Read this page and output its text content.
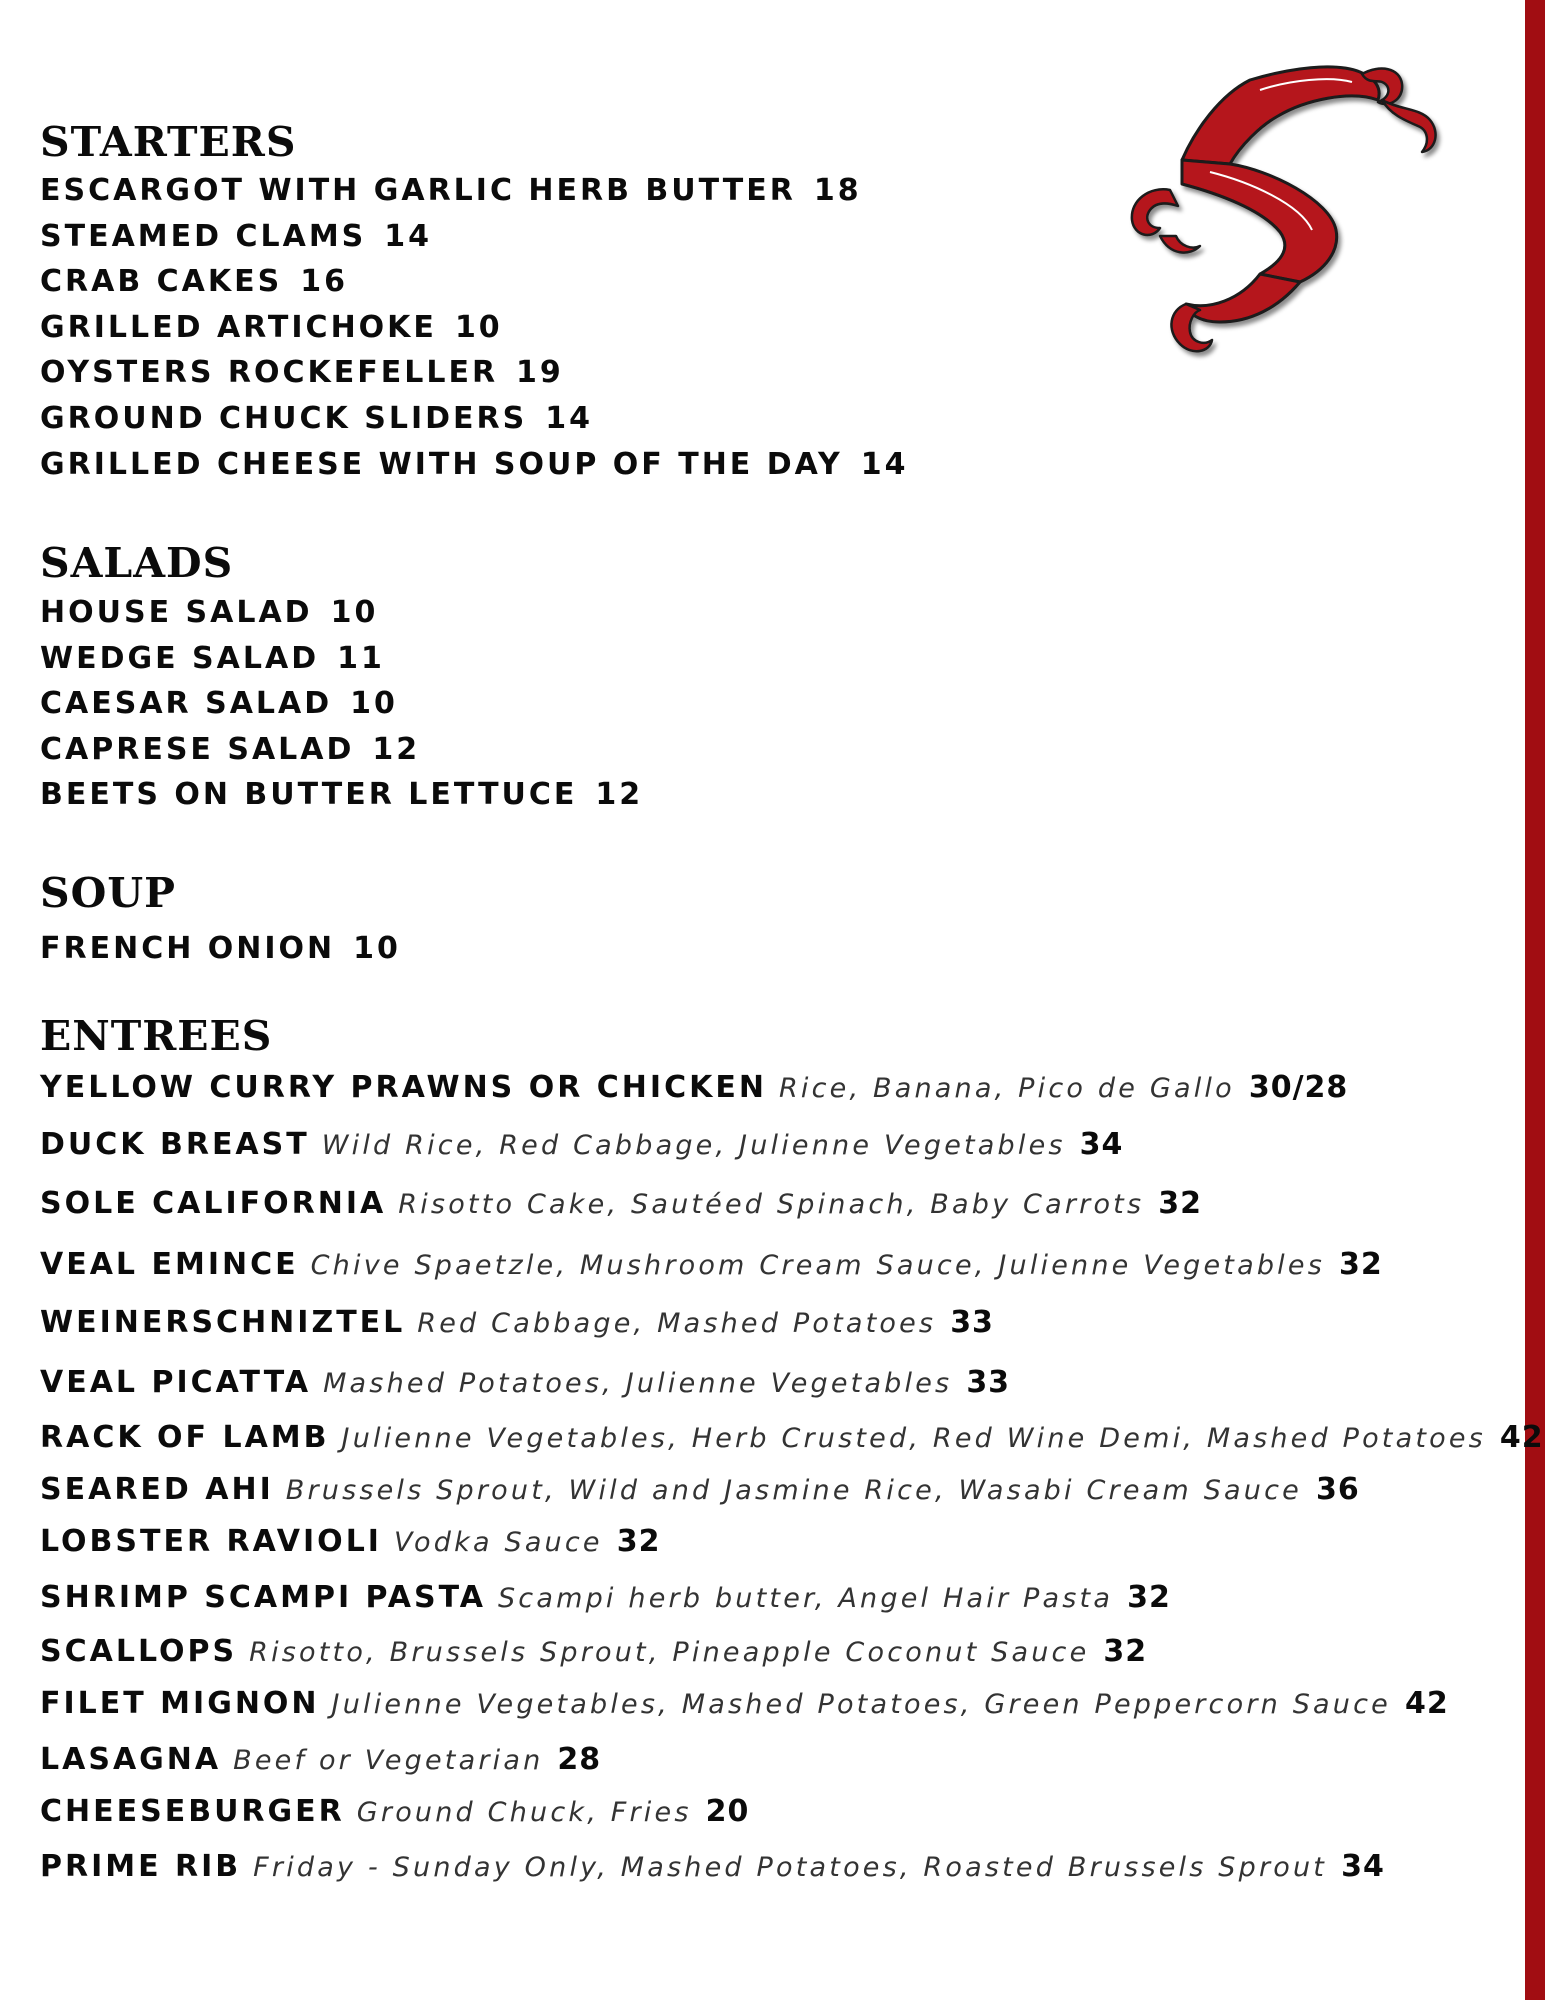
STARTERS
ESCARGOT WITH GARLIC HERB BUTTER 18
STEAMED CLAMS 14
CRAB CAKES 16
GRILLED ARTICHOKE 10
OYSTERS ROCKEFELLER 19
GROUND CHUCK SLIDERS 14
GRILLED CHEESE WITH SOUP OF THE DAY 14
SALADS
HOUSE SALAD 10
WEDGE SALAD 11
CAESAR SALAD 10
CAPRESE SALAD 12
BEETS ON BUTTER LETTUCE 12
SOUP
FRENCH ONION 10
ENTREES
YELLOW CURRY PRAWNS OR CHICKEN Rice, Banana, Pico de Gallo 30/28
DUCK BREAST Wild Rice, Red Cabbage, Julienne Vegetables 34
SOLE CALIFORNIA Risotto Cake, Sautéed Spinach, Baby Carrots 32
VEAL EMINCE Chive Spaetzle, Mushroom Cream Sauce, Julienne Vegetables 32
WEINERSCHNIZTEL Red Cabbage, Mashed Potatoes 33
VEAL PICATTA Mashed Potatoes, Julienne Vegetables 33
RACK OF LAMB Julienne Vegetables, Herb Crusted, Red Wine Demi, Mashed Potatoes 42
SEARED AHI Brussels Sprout, Wild and Jasmine Rice, Wasabi Cream Sauce 36
LOBSTER RAVIOLI Vodka Sauce 32
SHRIMP SCAMPI PASTA Scampi herb butter, Angel Hair Pasta 32
SCALLOPS Risotto, Brussels Sprout, Pineapple Coconut Sauce 32
FILET MIGNON Julienne Vegetables, Mashed Potatoes, Green Peppercorn Sauce 42
LASAGNA Beef or Vegetarian 28
CHEESEBURGER Ground Chuck, Fries 20
PRIME RIB Friday - Sunday Only, Mashed Potatoes, Roasted Brussels Sprout 34
